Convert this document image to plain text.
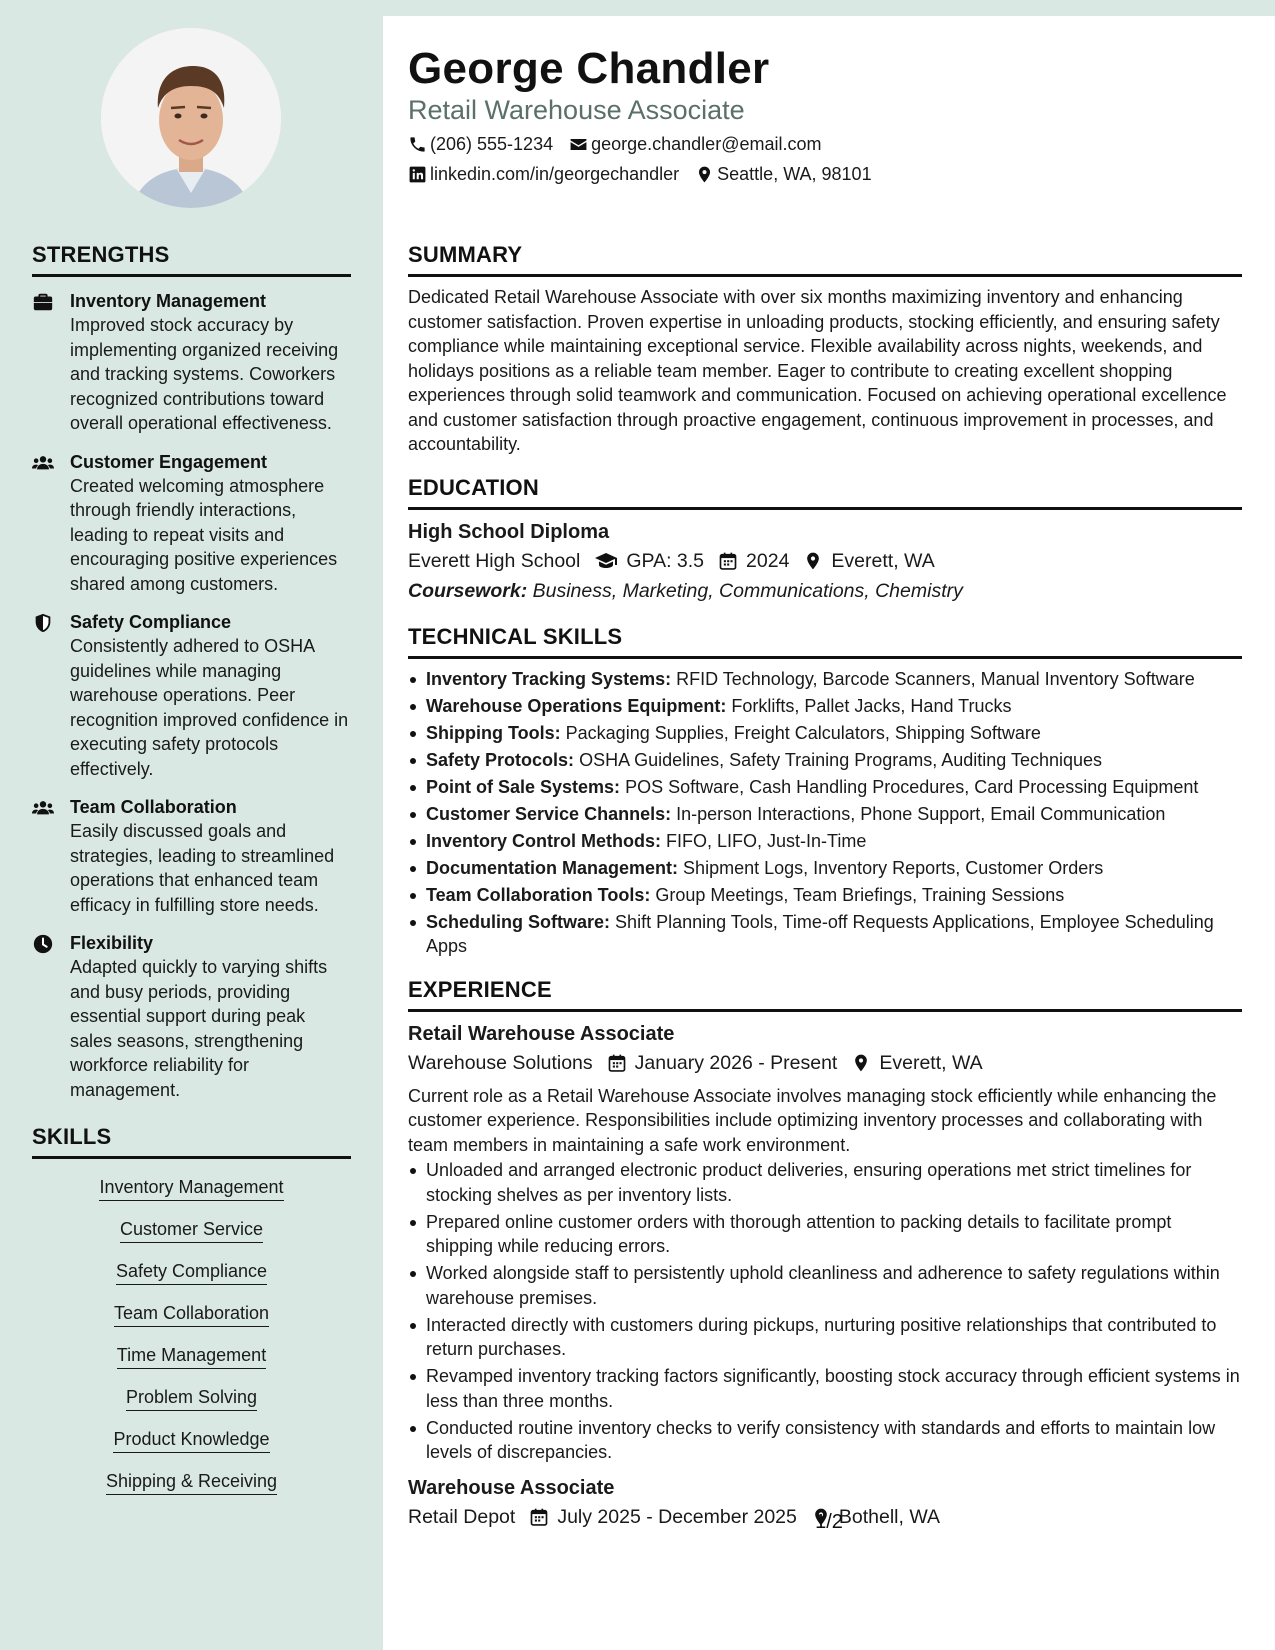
STRENGTHS
Inventory Management
Improved stock accuracy by implementing organized receiving and tracking systems. Coworkers recognized contributions toward overall operational effectiveness.
Customer Engagement
Created welcoming atmosphere through friendly interactions, leading to repeat visits and encouraging positive experiences shared among customers.
Safety Compliance
Consistently adhered to OSHA guidelines while managing warehouse operations. Peer recognition improved confidence in executing safety protocols effectively.
Team Collaboration
Easily discussed goals and strategies, leading to streamlined operations that enhanced team efficacy in fulfilling store needs.
Flexibility
Adapted quickly to varying shifts and busy periods, providing essential support during peak sales seasons, strengthening workforce reliability for management.
SKILLS
Inventory Management
Customer Service
Safety Compliance
Team Collaboration
Time Management
Problem Solving
Product Knowledge
Shipping & Receiving
George Chandler
Retail Warehouse Associate
(206) 555-1234 george.chandler@email.com
linkedin.com/in/georgechandler Seattle, WA, 98101
SUMMARY
Dedicated Retail Warehouse Associate with over six months maximizing inventory and enhancing customer satisfaction. Proven expertise in unloading products, stocking efficiently, and ensuring safety compliance while maintaining exceptional service. Flexible availability across nights, weekends, and holidays positions as a reliable team member. Eager to contribute to creating excellent shopping experiences through solid teamwork and communication. Focused on achieving operational excellence and customer satisfaction through proactive engagement, continuous improvement in processes, and accountability.
EDUCATION
High School Diploma
Everett High School GPA: 3.5 2024 Everett, WA
Coursework: Business, Marketing, Communications, Chemistry
TECHNICAL SKILLS
Inventory Tracking Systems: RFID Technology, Barcode Scanners, Manual Inventory Software
Warehouse Operations Equipment: Forklifts, Pallet Jacks, Hand Trucks
Shipping Tools: Packaging Supplies, Freight Calculators, Shipping Software
Safety Protocols: OSHA Guidelines, Safety Training Programs, Auditing Techniques
Point of Sale Systems: POS Software, Cash Handling Procedures, Card Processing Equipment
Customer Service Channels: In-person Interactions, Phone Support, Email Communication
Inventory Control Methods: FIFO, LIFO, Just-In-Time
Documentation Management: Shipment Logs, Inventory Reports, Customer Orders
Team Collaboration Tools: Group Meetings, Team Briefings, Training Sessions
Scheduling Software: Shift Planning Tools, Time-off Requests Applications, Employee Scheduling Apps
EXPERIENCE
Retail Warehouse Associate
Warehouse Solutions January 2026 - Present Everett, WA
Current role as a Retail Warehouse Associate involves managing stock efficiently while enhancing the customer experience. Responsibilities include optimizing inventory processes and collaborating with team members in maintaining a safe work environment.
Unloaded and arranged electronic product deliveries, ensuring operations met strict timelines for stocking shelves as per inventory lists.
Prepared online customer orders with thorough attention to packing details to facilitate prompt shipping while reducing errors.
Worked alongside staff to persistently uphold cleanliness and adherence to safety regulations within warehouse premises.
Interacted directly with customers during pickups, nurturing positive relationships that contributed to return purchases.
Revamped inventory tracking factors significantly, boosting stock accuracy through efficient systems in less than three months.
Conducted routine inventory checks to verify consistency with standards and efforts to maintain low levels of discrepancies.
Warehouse Associate
Retail Depot July 2025 - December 2025 Bothell, WA
1/2
